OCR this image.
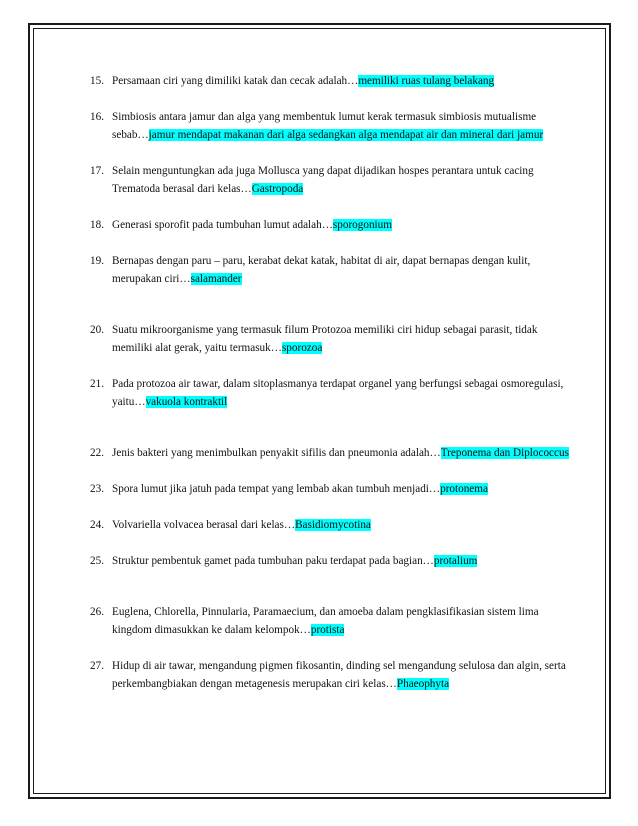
15. Persamaan ciri yang dimiliki katak dan cecak adalah…memiliki ruas tulang belakang
16. Simbiosis antara jamur dan alga yang membentuk lumut kerak termasuk simbiosis mutualisme sebab…jamur mendapat makanan dari alga sedangkan alga mendapat air dan mineral dari jamur
17. Selain menguntungkan ada juga Mollusca yang dapat dijadikan hospes perantara untuk cacing Trematoda berasal dari kelas…Gastropoda
18. Generasi sporofit pada tumbuhan lumut adalah…sporogonium
19. Bernapas dengan paru – paru, kerabat dekat katak, habitat di air, dapat bernapas dengan kulit, merupakan ciri…salamander
20. Suatu mikroorganisme yang termasuk filum Protozoa memiliki ciri hidup sebagai parasit, tidak memiliki alat gerak, yaitu termasuk…sporozoa
21. Pada protozoa air tawar, dalam sitoplasmanya terdapat organel yang berfungsi sebagai osmoregulasi, yaitu…vakuola kontraktil
22. Jenis bakteri yang menimbulkan penyakit sifilis dan pneumonia adalah…Treponema dan Diplococcus
23. Spora lumut jika jatuh pada tempat yang lembab akan tumbuh menjadi…protonema
24. Volvariella volvacea berasal dari kelas…Basidiomycotina
25. Struktur pembentuk gamet pada tumbuhan paku terdapat pada bagian…protalium
26. Euglena, Chlorella, Pinnularia, Paramaecium, dan amoeba dalam pengklasifikasian sistem lima kingdom dimasukkan ke dalam kelompok…protista
27. Hidup di air tawar, mengandung pigmen fikosantin, dinding sel mengandung selulosa dan algin, serta perkembangbiakan dengan metagenesis merupakan ciri kelas…Phaeophyta
